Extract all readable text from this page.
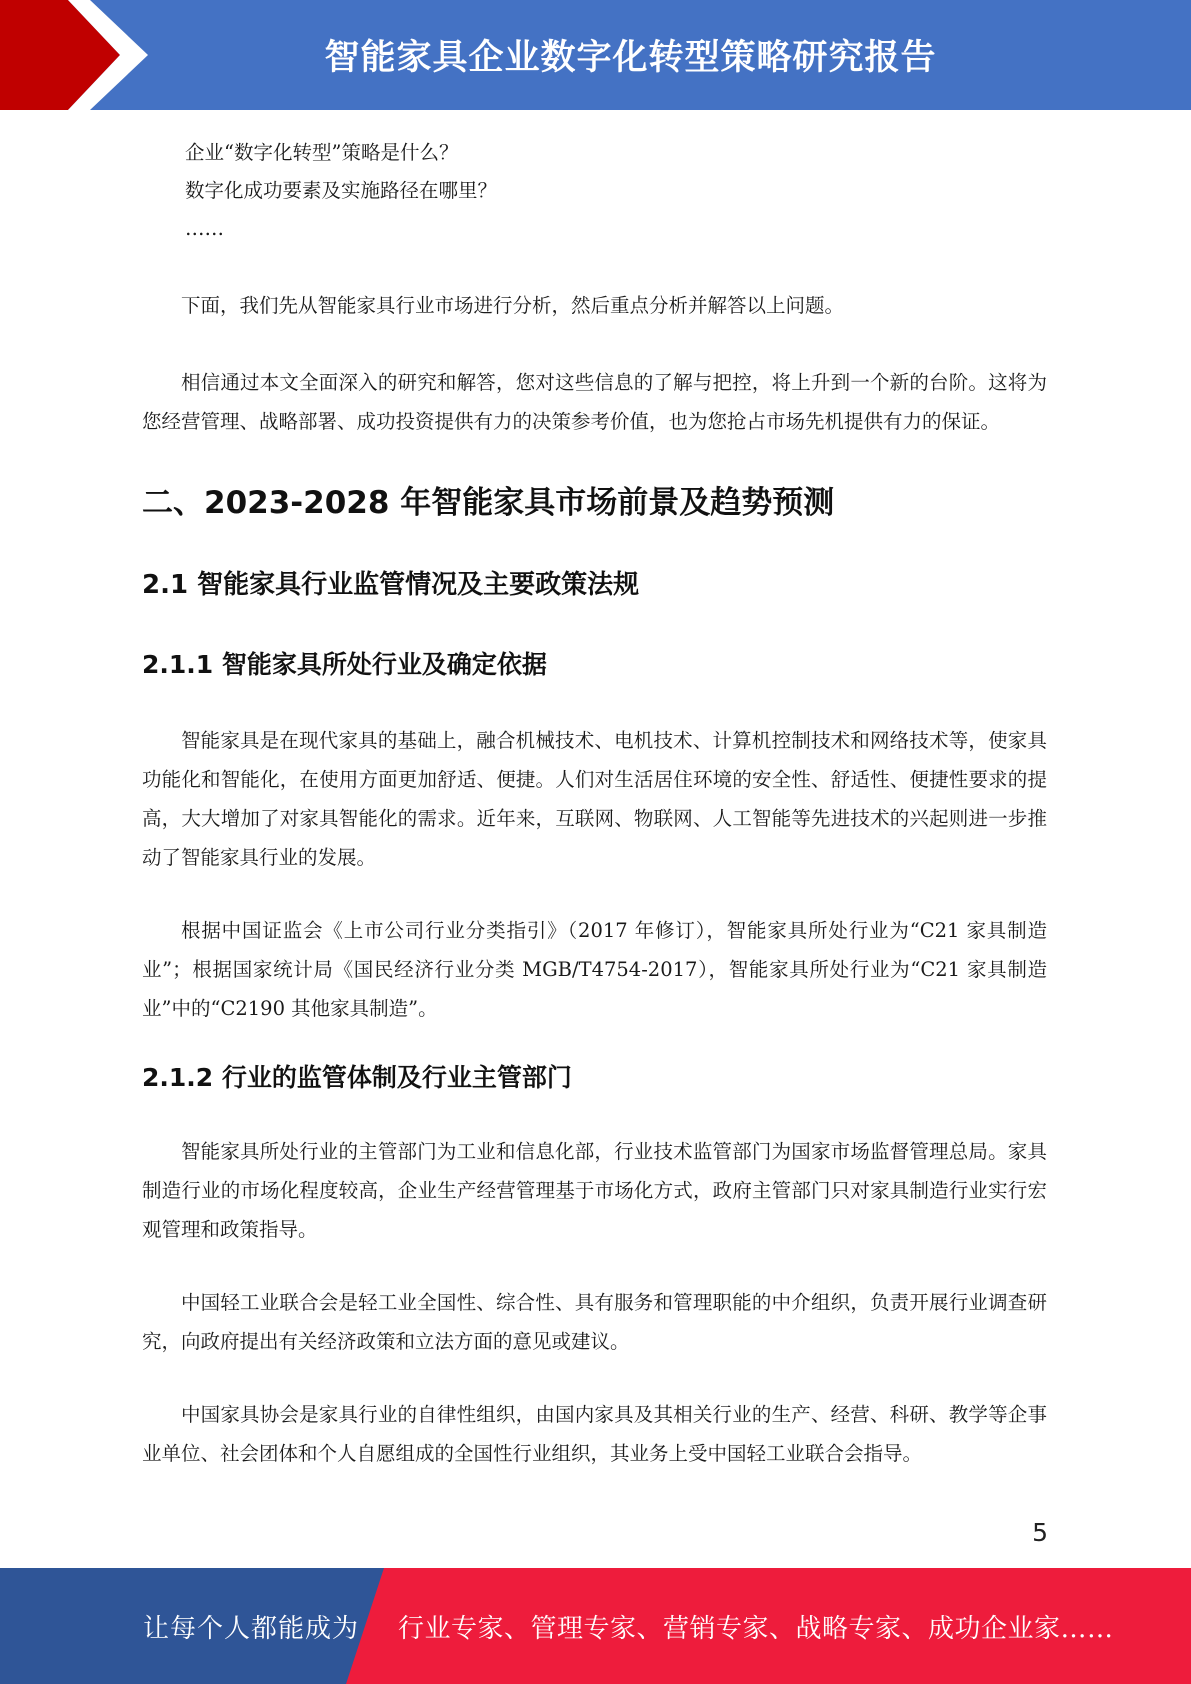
智能家具企业数字化转型策略研究报告
企业“数字化转型”策略是什么？
数字化成功要素及实施路径在哪里？
……

下面，我们先从智能家具行业市场进行分析，然后重点分析并解答以上问题。

相信通过本文全面深入的研究和解答，您对这些信息的了解与把控，将上升到一个新的台阶。这将为您经营管理、战略部署、成功投资提供有力的决策参考价值，也为您抢占市场先机提供有力的保证。

二、2023-2028 年智能家具市场前景及趋势预测
2.1 智能家具行业监管情况及主要政策法规
2.1.1 智能家具所处行业及确定依据

智能家具是在现代家具的基础上，融合机械技术、电机技术、计算机控制技术和网络技术等，使家具功能化和智能化，在使用方面更加舒适、便捷。人们对生活居住环境的安全性、舒适性、便捷性要求的提高，大大增加了对家具智能化的需求。近年来，互联网、物联网、人工智能等先进技术的兴起则进一步推动了智能家具行业的发展。

根据中国证监会《上市公司行业分类指引》（2017 年修订），智能家具所处行业为“C21 家具制造业”；根据国家统计局《国民经济行业分类 MGB/T4754-2017），智能家具所处行业为“C21 家具制造业”中的“C2190 其他家具制造”。

2.1.2 行业的监管体制及行业主管部门

智能家具所处行业的主管部门为工业和信息化部，行业技术监管部门为国家市场监督管理总局。家具制造行业的市场化程度较高，企业生产经营管理基于市场化方式，政府主管部门只对家具制造行业实行宏观管理和政策指导。

中国轻工业联合会是轻工业全国性、综合性、具有服务和管理职能的中介组织，负责开展行业调查研究，向政府提出有关经济政策和立法方面的意见或建议。

中国家具协会是家具行业的自律性组织，由国内家具及其相关行业的生产、经营、科研、教学等企事业单位、社会团体和个人自愿组成的全国性行业组织，其业务上受中国轻工业联合会指导。

5
让每个人都能成为 行业专家、管理专家、营销专家、战略专家、成功企业家……
